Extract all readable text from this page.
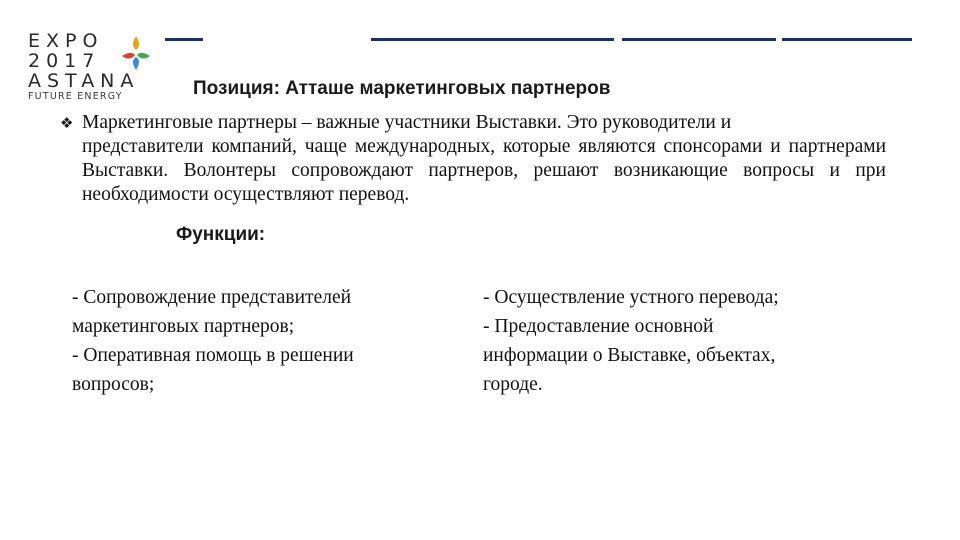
EXPO
2017
ASTANA
FUTURE ENERGY	Позиция: Атташе маркетинговых партнеров
❖ Маркетинговые партнеры – важные участники Выставки. Это руководители и
представители компаний, чаще международных, которые являются спонсорами и партнерами Выставки. Волонтеры сопровождают партнеров, решают возникающие вопросы и при необходимости осуществляют перевод.
Функции:
- Сопровождение представителей
маркетинговых партнеров;
- Оперативная помощь в решении
вопросов;
- Осуществление устного перевода;
- Предоставление основной
информации о Выставке, объектах,
городе.
